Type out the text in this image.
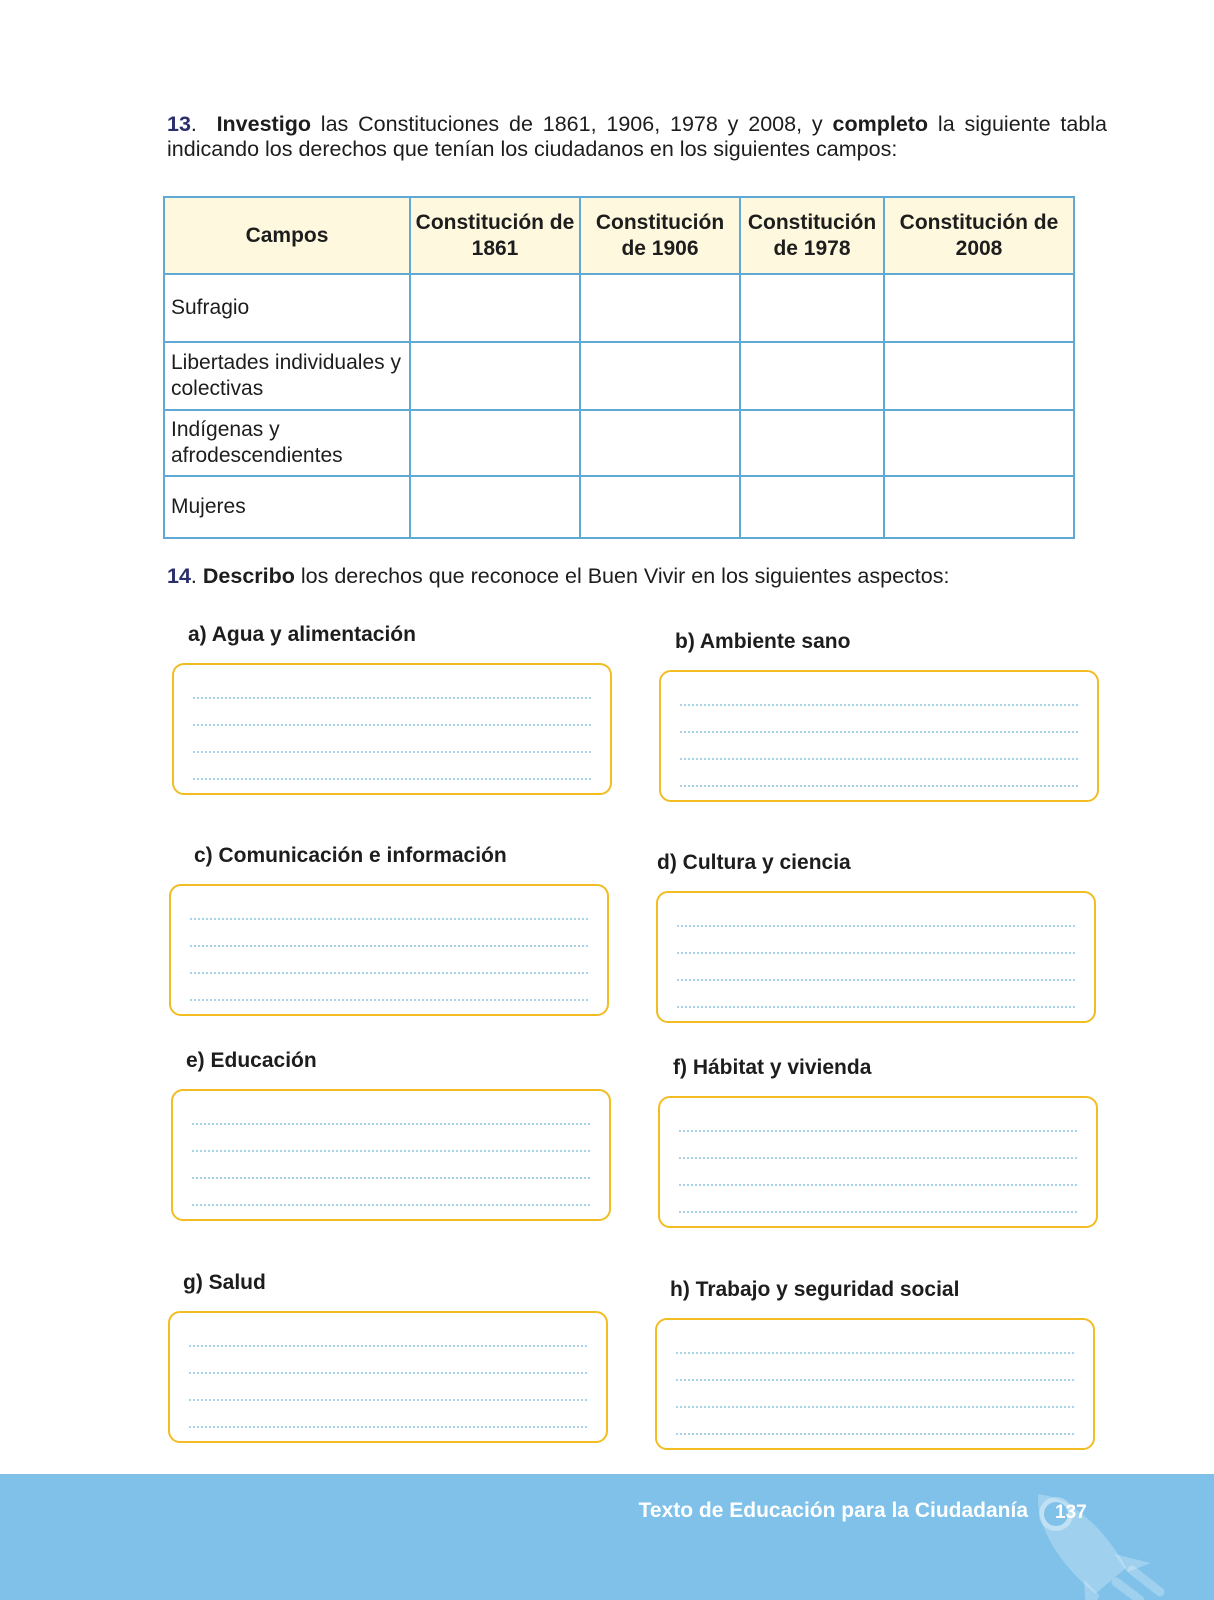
13.  Investigo las Constituciones de 1861, 1906, 1978 y 2008, y completo la siguiente tabla indicando los derechos que tenían los ciudadanos en los siguientes campos:
Campos	Constitución de 1861	Constitución de 1906	Constitución de 1978	Constitución de 2008
Sufragio				
Libertades individuales y colectivas				
Indígenas y afrodescendientes				
Mujeres				
14. Describo los derechos que reconoce el Buen Vivir en los siguientes aspectos:
a) Agua y alimentación	b) Ambiente sano
c) Comunicación e información	d) Cultura y ciencia
e) Educación	f) Hábitat y vivienda
g) Salud	h) Trabajo y seguridad social
Texto de Educación para la Ciudadanía 137
